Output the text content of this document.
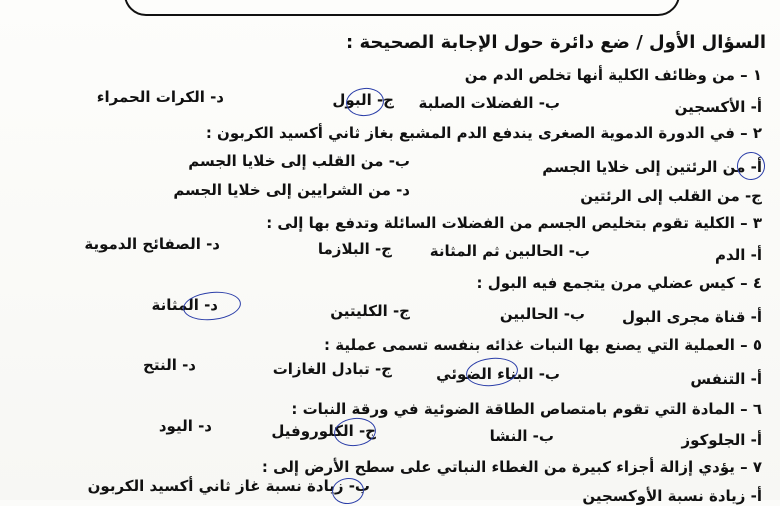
السؤال الأول / ضع دائرة حول الإجابة الصحيحة :
١ – من وظائف الكلية أنها تخلص الدم من
أ- الأكسجين
ب- الفضلات الصلبة
ج- البول
د- الكرات الحمراء
٢ – في الدورة الدموية الصغرى يندفع الدم المشبع بغاز ثاني أكسيد الكربون :
أ- من الرئتين إلى خلايا الجسم
ب- من القلب إلى خلايا الجسم
ج- من القلب إلى الرئتين
د- من الشرايين إلى خلايا الجسم
٣ – الكلية تقوم بتخليص الجسم من الفضلات السائلة وتدفع بها إلى :
أ- الدم
ب- الحالبين ثم المثانة
ج- البلازما
د- الصفائح الدموية
٤ – كيس عضلي مرن يتجمع فيه البول :
أ- قناة مجرى البول
ب- الحالبين
ج- الكليتين
د- المثانة
٥ – العملية التي يصنع بها النبات غذائه بنفسه تسمى عملية :
أ- التنفس
ب- البناء الضوئي
ج- تبادل الغازات
د- النتح
٦ – المادة التي تقوم بامتصاص الطاقة الضوئية في ورقة النبات :
أ- الجلوكوز
ب- النشا
ج- الكلوروفيل
د- اليود
٧ – يؤدي إزالة أجزاء كبيرة من الغطاء النباتي على سطح الأرض إلى :
أ- زيادة نسبة الأوكسجين
ب- زيادة نسبة غاز ثاني أكسيد الكربون
